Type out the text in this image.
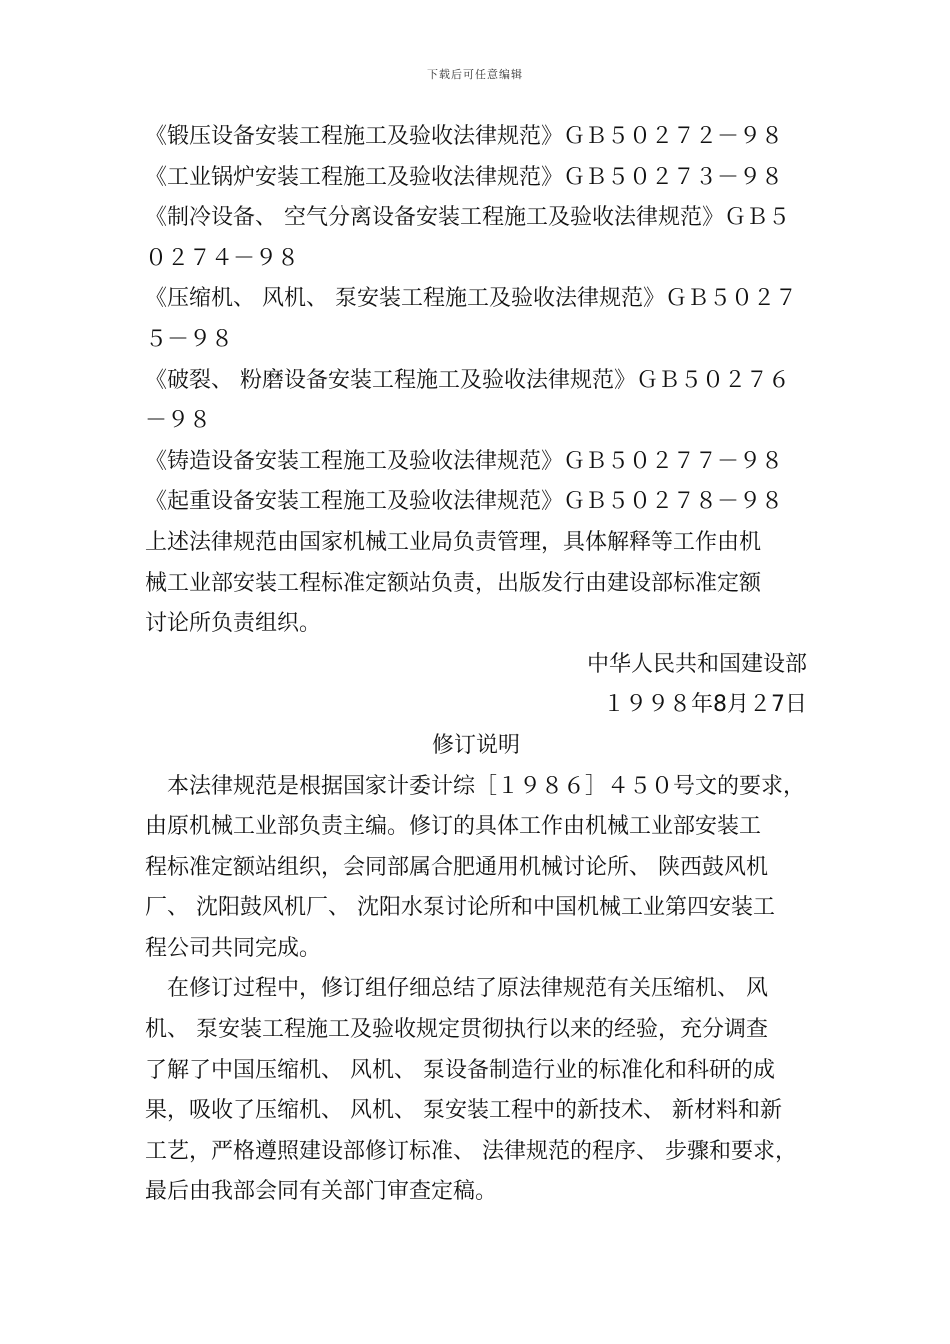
下载后可任意编辑
《锻压设备安装工程施工及验收法律规范》ＧＢ５０２７２－９８
《工业锅炉安装工程施工及验收法律规范》ＧＢ５０２７３－９８
《制冷设备、 空气分离设备安装工程施工及验收法律规范》ＧＢ５
０２７４－９８
《压缩机、 风机、 泵安装工程施工及验收法律规范》ＧＢ５０２７
５－９８
《破裂、 粉磨设备安装工程施工及验收法律规范》ＧＢ５０２７６
－９８
《铸造设备安装工程施工及验收法律规范》ＧＢ５０２７７－９８
《起重设备安装工程施工及验收法律规范》ＧＢ５０２７８－９８
上述法律规范由国家机械工业局负责管理，具体解释等工作由机
械工业部安装工程标准定额站负责，出版发行由建设部标准定额
讨论所负责组织。
中华人民共和国建设部
１９９８年8月２7日
修订说明
　本法律规范是根据国家计委计综［１９８６］４５０号文的要求，
由原机械工业部负责主编。修订的具体工作由机械工业部安装工
程标准定额站组织，会同部属合肥通用机械讨论所、 陕西鼓风机
厂、 沈阳鼓风机厂、 沈阳水泵讨论所和中国机械工业第四安装工
程公司共同完成。
　在修订过程中，修订组仔细总结了原法律规范有关压缩机、 风
机、 泵安装工程施工及验收规定贯彻执行以来的经验，充分调查
了解了中国压缩机、 风机、 泵设备制造行业的标准化和科研的成
果，吸收了压缩机、 风机、 泵安装工程中的新技术、 新材料和新
工艺，严格遵照建设部修订标准、 法律规范的程序、 步骤和要求，
最后由我部会同有关部门审查定稿。
